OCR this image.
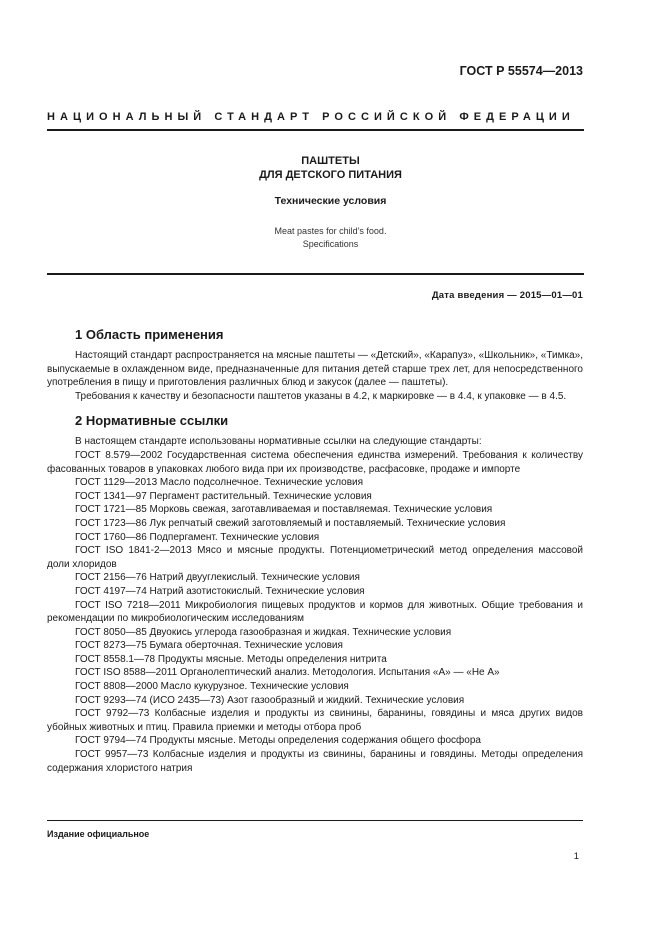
ГОСТ Р 55574—2013
НАЦИОНАЛЬНЫЙ СТАНДАРТ РОССИЙСКОЙ ФЕДЕРАЦИИ
ПАШТЕТЫ
ДЛЯ ДЕТСКОГО ПИТАНИЯ
Технические условия
Meat pastes for child’s food.
Specifications
Дата введения — 2015—01—01
1 Область применения

Настоящий стандарт распространяется на мясные паштеты — «Детский», «Карапуз», «Школьник», «Тимка», выпускаемые в охлажденном виде, предназначенные для питания детей старше трех лет, для непосредственного употребления в пищу и приготовления различных блюд и закусок (далее — паштеты).

Требования к качеству и безопасности паштетов указаны в 4.2, к маркировке — в 4.4, к упаковке — в 4.5.

2 Нормативные ссылки

В настоящем стандарте использованы нормативные ссылки на следующие стандарты:

ГОСТ 8.579—2002 Государственная система обеспечения единства измерений. Требования к количеству фасованных товаров в упаковках любого вида при их производстве, расфасовке, продаже и импорте

ГОСТ 1129—2013 Масло подсолнечное. Технические условия

ГОСТ 1341—97 Пергамент растительный. Технические условия

ГОСТ 1721—85 Морковь свежая, заготавливаемая и поставляемая. Технические условия

ГОСТ 1723—86 Лук репчатый свежий заготовляемый и поставляемый. Технические условия

ГОСТ 1760—86 Подпергамент. Технические условия

ГОСТ ISO 1841-2—2013 Мясо и мясные продукты. Потенциометрический метод определения массовой доли хлоридов

ГОСТ 2156—76 Натрий двууглекислый. Технические условия

ГОСТ 4197—74 Натрий азотистокислый. Технические условия

ГОСТ ISO 7218—2011 Микробиология пищевых продуктов и кормов для животных. Общие требования и рекомендации по микробиологическим исследованиям

ГОСТ 8050—85 Двуокись углерода газообразная и жидкая. Технические условия

ГОСТ 8273—75 Бумага оберточная. Технические условия

ГОСТ 8558.1—78 Продукты мясные. Методы определения нитрита

ГОСТ ISO 8588—2011 Органолептический анализ. Методология. Испытания «А» — «Не А»

ГОСТ 8808—2000 Масло кукурузное. Технические условия

ГОСТ 9293—74 (ИСО 2435—73) Азот газообразный и жидкий. Технические условия

ГОСТ 9792—73 Колбасные изделия и продукты из свинины, баранины, говядины и мяса других видов убойных животных и птиц. Правила приемки и методы отбора проб

ГОСТ 9794—74 Продукты мясные. Методы определения содержания общего фосфора

ГОСТ 9957—73 Колбасные изделия и продукты из свинины, баранины и говядины. Методы определения содержания хлористого натрия

Издание официальное
1
